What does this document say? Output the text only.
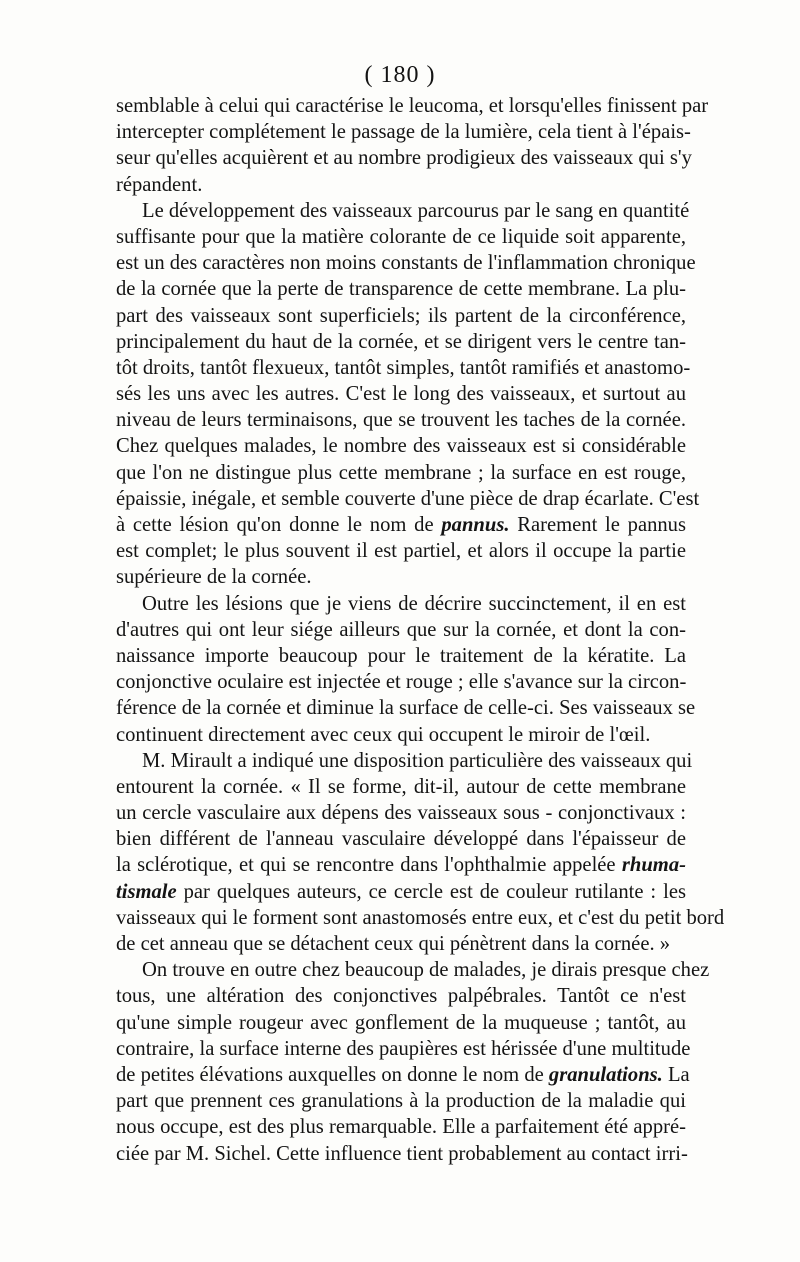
( 180 )
semblable à celui qui caractérise le leucoma, et lorsqu'elles finissent par
intercepter complétement le passage de la lumière, cela tient à l'épais-
seur qu'elles acquièrent et au nombre prodigieux des vaisseaux qui s'y
répandent.
Le développement des vaisseaux parcourus par le sang en quantité
suffisante pour que la matière colorante de ce liquide soit apparente,
est un des caractères non moins constants de l'inflammation chronique
de la cornée que la perte de transparence de cette membrane. La plu-
part des vaisseaux sont superficiels; ils partent de la circonférence,
principalement du haut de la cornée, et se dirigent vers le centre tan-
tôt droits, tantôt flexueux, tantôt simples, tantôt ramifiés et anastomo-
sés les uns avec les autres. C'est le long des vaisseaux, et surtout au
niveau de leurs terminaisons, que se trouvent les taches de la cornée.
Chez quelques malades, le nombre des vaisseaux est si considérable
que l'on ne distingue plus cette membrane ; la surface en est rouge,
épaissie, inégale, et semble couverte d'une pièce de drap écarlate. C'est
à cette lésion qu'on donne le nom de pannus. Rarement le pannus
est complet; le plus souvent il est partiel, et alors il occupe la partie
supérieure de la cornée.
Outre les lésions que je viens de décrire succinctement, il en est
d'autres qui ont leur siége ailleurs que sur la cornée, et dont la con-
naissance importe beaucoup pour le traitement de la kératite. La
conjonctive oculaire est injectée et rouge ; elle s'avance sur la circon-
férence de la cornée et diminue la surface de celle-ci. Ses vaisseaux se
continuent directement avec ceux qui occupent le miroir de l'œil.
M. Mirault a indiqué une disposition particulière des vaisseaux qui
entourent la cornée. « Il se forme, dit-il, autour de cette membrane
un cercle vasculaire aux dépens des vaisseaux sous - conjonctivaux :
bien différent de l'anneau vasculaire développé dans l'épaisseur de
la sclérotique, et qui se rencontre dans l'ophthalmie appelée rhuma-
tismale par quelques auteurs, ce cercle est de couleur rutilante : les
vaisseaux qui le forment sont anastomosés entre eux, et c'est du petit bord
de cet anneau que se détachent ceux qui pénètrent dans la cornée. »
On trouve en outre chez beaucoup de malades, je dirais presque chez
tous, une altération des conjonctives palpébrales. Tantôt ce n'est
qu'une simple rougeur avec gonflement de la muqueuse ; tantôt, au
contraire, la surface interne des paupières est hérissée d'une multitude
de petites élévations auxquelles on donne le nom de granulations. La
part que prennent ces granulations à la production de la maladie qui
nous occupe, est des plus remarquable. Elle a parfaitement été appré-
ciée par M. Sichel. Cette influence tient probablement au contact irri-
